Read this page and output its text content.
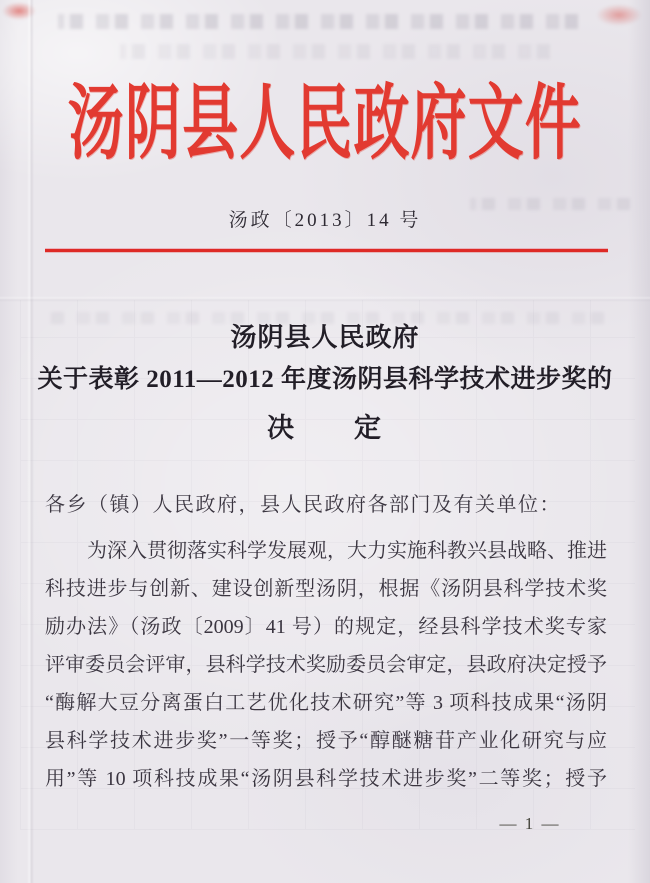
汤阴县人民政府文件
汤政〔2013〕14 号
汤阴县人民政府
关于表彰 2011—2012 年度汤阴县科学技术进步奖的
决　　定
各乡（镇）人民政府，县人民政府各部门及有关单位：
为深入贯彻落实科学发展观，大力实施科教兴县战略、推进
科技进步与创新、建设创新型汤阴，根据《汤阴县科学技术奖
励办法》（汤政〔2009〕41 号）的规定，经县科学技术奖专家
评审委员会评审，县科学技术奖励委员会审定，县政府决定授予
“酶解大豆分离蛋白工艺优化技术研究”等 3 项科技成果“汤阴
县科学技术进步奖”一等奖；授予“醇醚糖苷产业化研究与应
用”等 10 项科技成果“汤阴县科学技术进步奖”二等奖；授予
— 1 —
